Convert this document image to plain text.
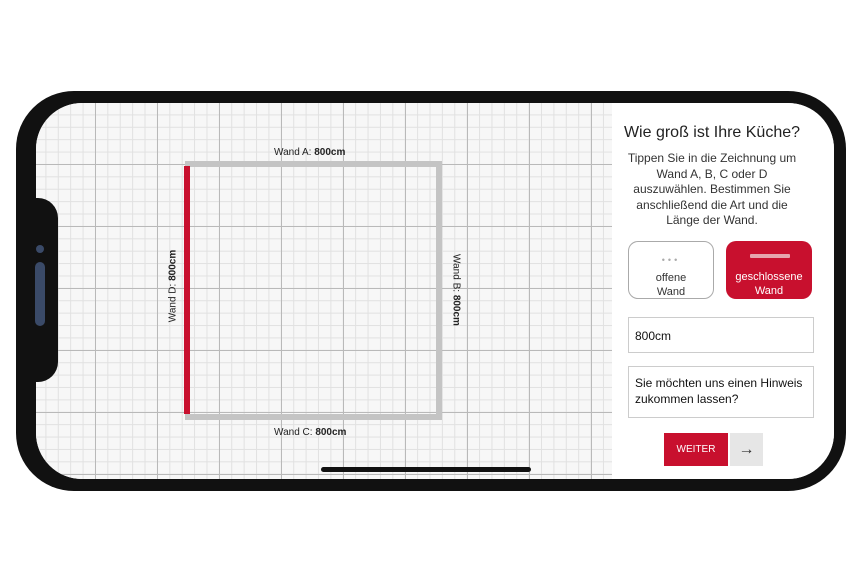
Wand A: 800cm
Wand B: 800cm
Wand C: 800cm
Wand D: 800cm
Wie groß ist Ihre Küche?
Tippen Sie in die Zeichnung um Wand A, B, C oder D auszuwählen. Bestimmen Sie anschließend die Art und die Länge der Wand.
•••
offene
Wand
geschlossene
Wand
800cm
Sie möchten uns einen Hinweis zukommen lassen?
WEITER	→
